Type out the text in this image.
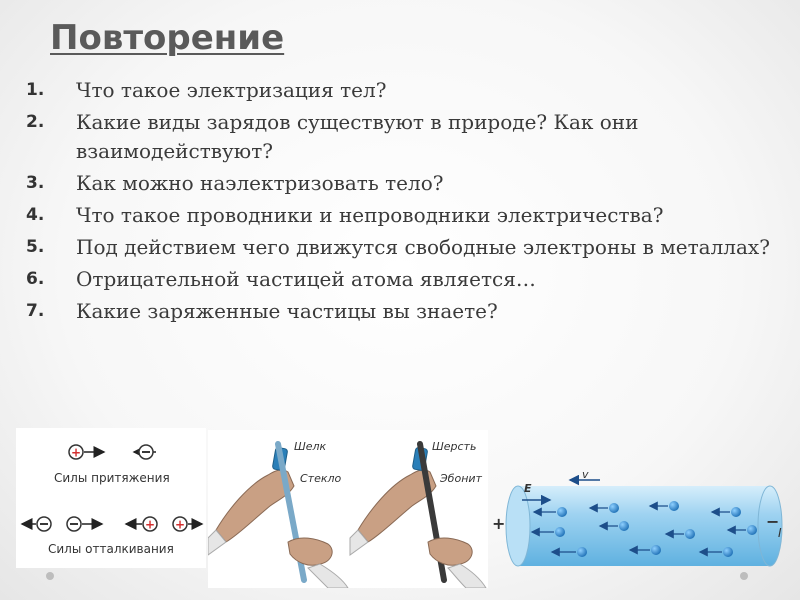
Повторение
1. Что такое электризация тел?
2. Какие виды зарядов существуют в природе? Как они взаимодействуют?
3. Как можно наэлектризовать тело?
4. Что такое проводники и непроводники электричества?
5. Под действием чего движутся свободные электроны в металлах?
6. Отрицательной частицей атома является…
7. Какие заряженные частицы вы знаете?
+
+ +
Силы притяжения
Силы отталкивания
Шелк
Стекло
Шерсть
Эбонит
+	−
E
v
I
